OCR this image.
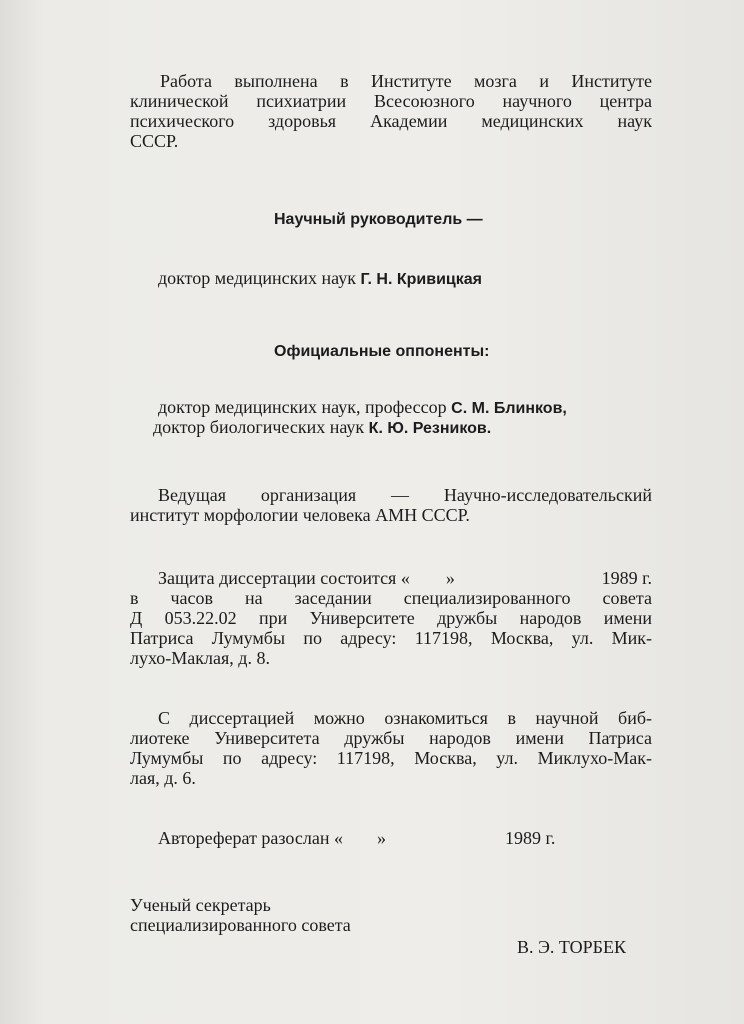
Работа выполнена в Институте мозга и Институте
клинической психиатрии Всесоюзного научного центра
психического здоровья Академии медицинских наук
СССР.
Научный руководитель —
доктор медицинских наук Г. Н. Кривицкая
Официальные оппоненты:
доктор медицинских наук, профессор С. М. Блинков,
доктор биологических наук К. Ю. Резников.
Ведущая организация — Научно-исследовательский
институт морфологии человека АМН СССР.
Защита диссертации состоится « »	1989 г.
в часов на заседании специализированного совета
Д 053.22.02 при Университете дружбы народов имени
Патриса Лумумбы по адресу: 117198, Москва, ул. Мик-
лухо-Маклая, д. 8.
С диссертацией можно ознакомиться в научной биб-
лиотеке Университета дружбы народов имени Патриса
Лумумбы по адресу: 117198, Москва, ул. Миклухо-Мак-
лая, д. 6.
Автореферат разослан « »	1989 г.
Ученый секретарь
специализированного совета
В. Э. ТОРБЕК
